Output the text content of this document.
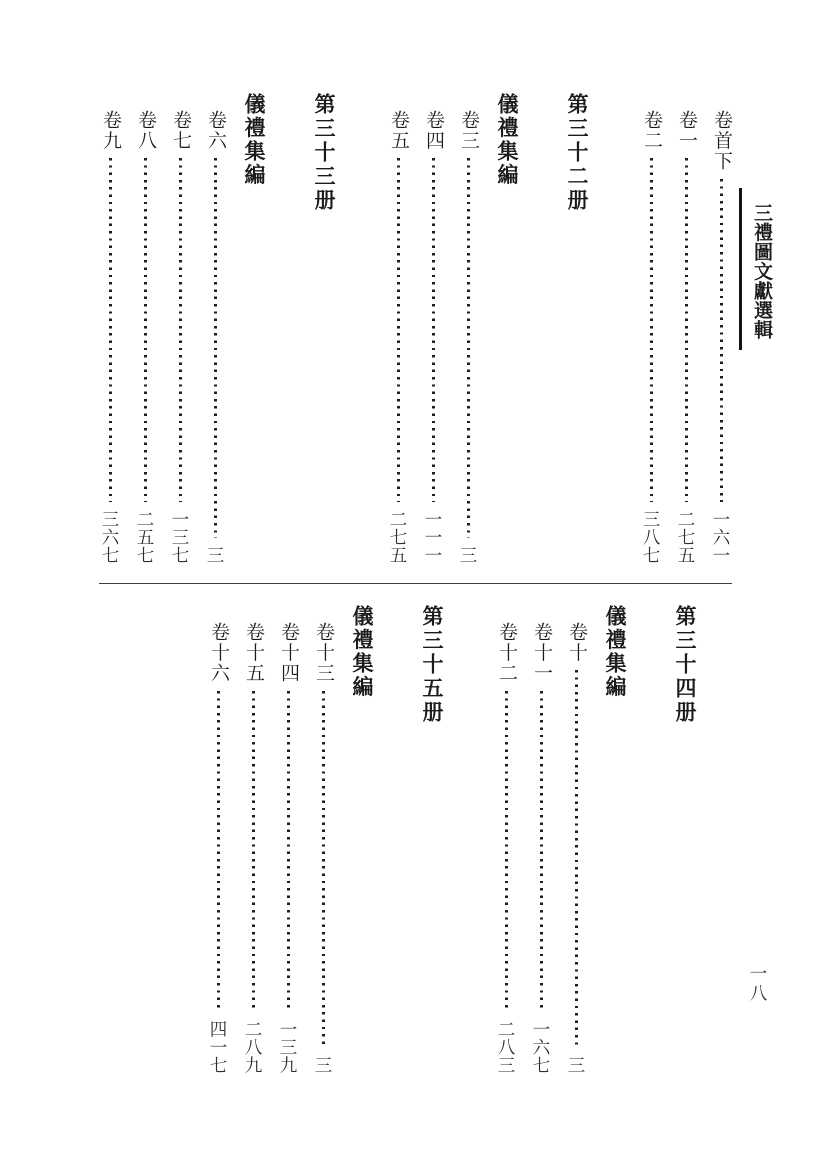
三禮圖文獻選輯
卷首下
一六一
卷一
二七五
卷二
三八七
第三十二册
儀禮集編
卷三
三
卷四
一一一
卷五
二七五
第三十三册
儀禮集編
卷六
三
卷七
一三七
卷八
二五七
卷九
三六七
第三十四册
儀禮集編
卷十
三
卷十一
一六七
卷十二
二八三
第三十五册
儀禮集編
卷十三
三
卷十四
一三九
卷十五
二八九
卷十六
四一七
一八
